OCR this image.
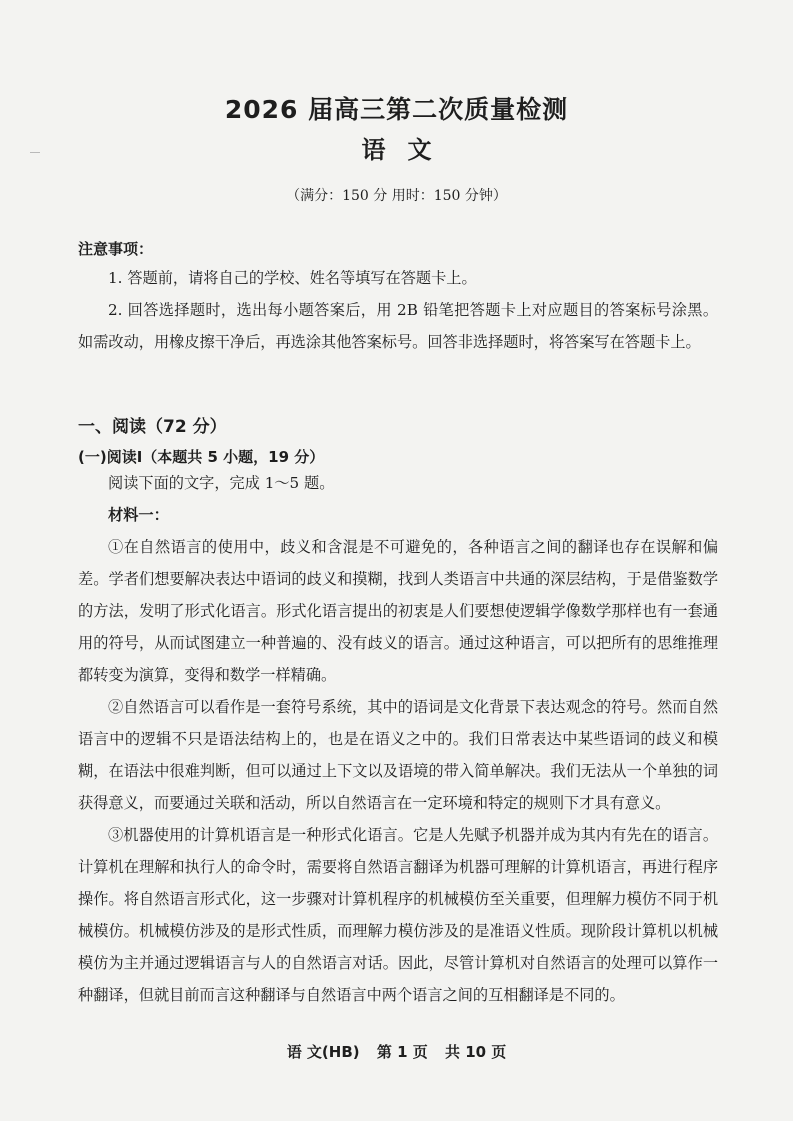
2026 届高三第二次质量检测
语文
（满分：150 分 用时：150 分钟）
注意事项：

1. 答题前，请将自己的学校、姓名等填写在答题卡上。

2. 回答选择题时，选出每小题答案后，用 2B 铅笔把答题卡上对应题目的答案标号涂黑。如需改动，用橡皮擦干净后，再选涂其他答案标号。回答非选择题时，将答案写在答题卡上。

一、阅读（72 分）
(一)阅读Ⅰ（本题共 5 小题，19 分）

阅读下面的文字，完成 1～5 题。

材料一：

①在自然语言的使用中，歧义和含混是不可避免的，各种语言之间的翻译也存在误解和偏差。学者们想要解决表达中语词的歧义和摸糊，找到人类语言中共通的深层结构，于是借鉴数学的方法，发明了形式化语言。形式化语言提出的初衷是人们要想使逻辑学像数学那样也有一套通用的符号，从而试图建立一种普遍的、没有歧义的语言。通过这种语言，可以把所有的思维推理都转变为演算，变得和数学一样精确。

②自然语言可以看作是一套符号系统，其中的语词是文化背景下表达观念的符号。然而自然语言中的逻辑不只是语法结构上的，也是在语义之中的。我们日常表达中某些语词的歧义和模糊，在语法中很难判断，但可以通过上下文以及语境的带入简单解决。我们无法从一个单独的词获得意义，而要通过关联和活动，所以自然语言在一定环境和特定的规则下才具有意义。

③机器使用的计算机语言是一种形式化语言。它是人先赋予机器并成为其内有先在的语言。计算机在理解和执行人的命令时，需要将自然语言翻译为机器可理解的计算机语言，再进行程序操作。将自然语言形式化，这一步骤对计算机程序的机械模仿至关重要，但理解力模仿不同于机械模仿。机械模仿涉及的是形式性质，而理解力模仿涉及的是准语义性质。现阶段计算机以机械模仿为主并通过逻辑语言与人的自然语言对话。因此，尽管计算机对自然语言的处理可以算作一种翻译，但就目前而言这种翻译与自然语言中两个语言之间的互相翻译是不同的。

语 文(HB) 第 1 页 共 10 页
